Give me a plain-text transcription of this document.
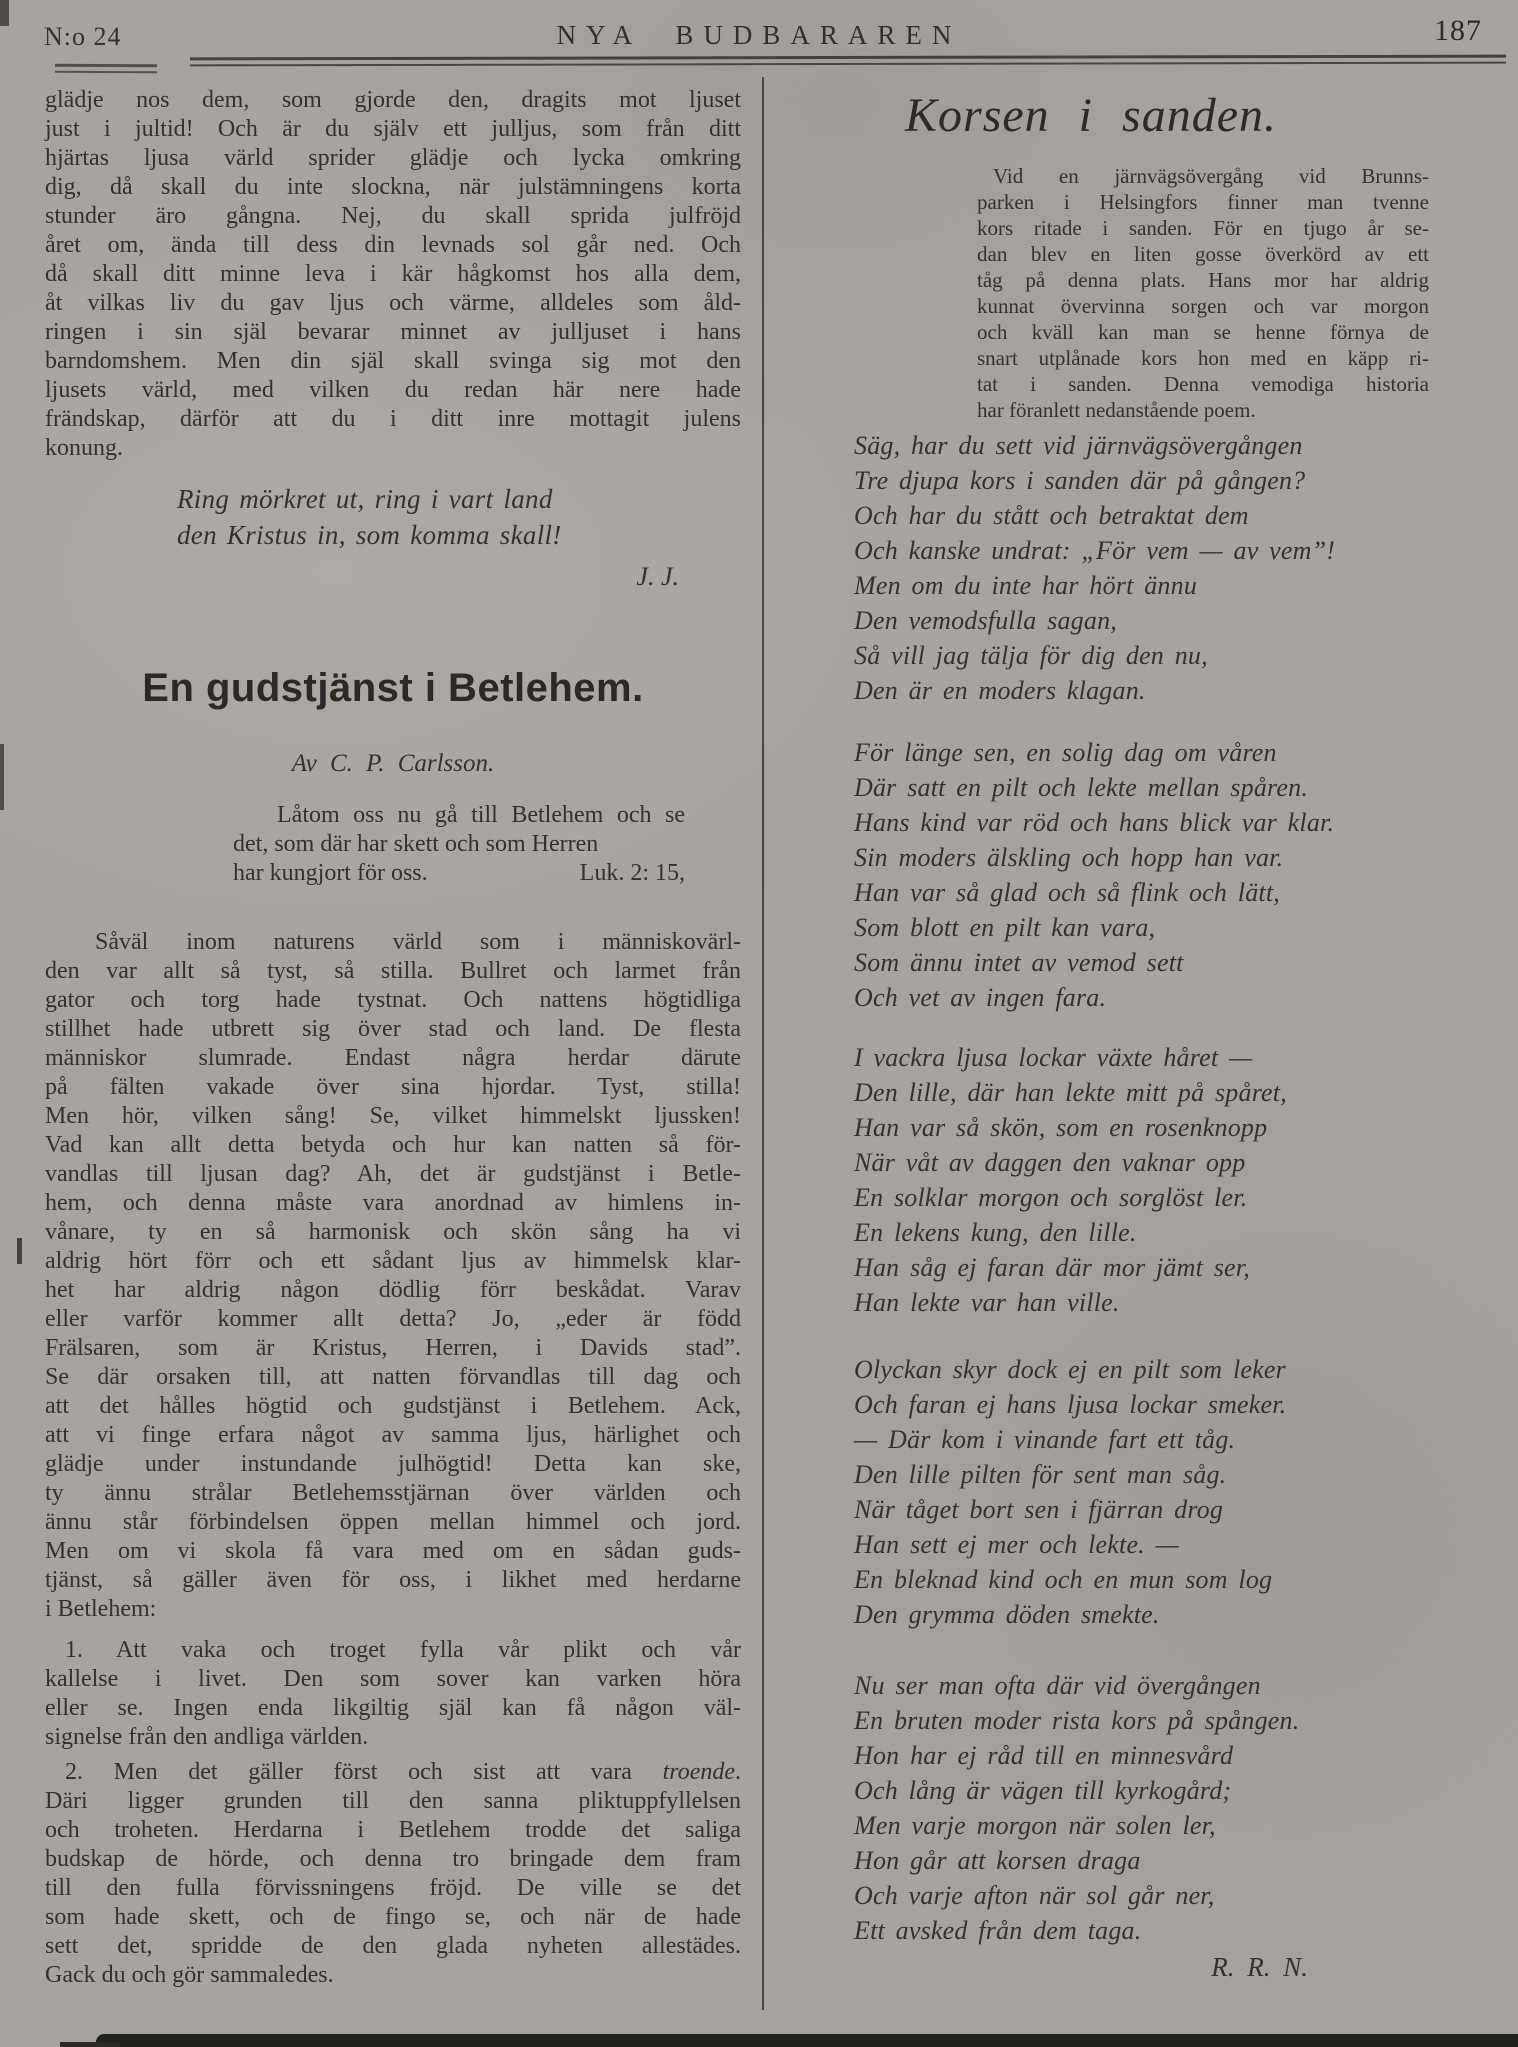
N:o 24	NYA BUDBARAREN	187
glädje nos dem, som gjorde den, dragits mot ljuset
just i jultid! Och är du själv ett julljus, som från ditt
hjärtas ljusa värld sprider glädje och lycka omkring
dig, då skall du inte slockna, när julstämningens korta
stunder äro gångna. Nej, du skall sprida julfröjd
året om, ända till dess din levnads sol går ned. Och
då skall ditt minne leva i kär hågkomst hos alla dem,
åt vilkas liv du gav ljus och värme, alldeles som åld-
ringen i sin själ bevarar minnet av julljuset i hans
barndomshem. Men din själ skall svinga sig mot den
ljusets värld, med vilken du redan här nere hade
frändskap, därför att du i ditt inre mottagit julens
konung.
Ring mörkret ut, ring i vart land
den Kristus in, som komma skall!
J. J.
En gudstjänst i Betlehem.
Av C. P. Carlsson.
Låtom oss nu gå till Betlehem och se
det, som där har skett och som Herren
har kungjort för oss.	Luk. 2: 15,
Såväl inom naturens värld som i människovärl-
den var allt så tyst, så stilla. Bullret och larmet från
gator och torg hade tystnat. Och nattens högtidliga
stillhet hade utbrett sig över stad och land. De flesta
människor slumrade. Endast några herdar därute
på fälten vakade över sina hjordar. Tyst, stilla!
Men hör, vilken sång! Se, vilket himmelskt ljussken!
Vad kan allt detta betyda och hur kan natten så för-
vandlas till ljusan dag? Ah, det är gudstjänst i Betle-
hem, och denna måste vara anordnad av himlens in-
vånare, ty en så harmonisk och skön sång ha vi
aldrig hört förr och ett sådant ljus av himmelsk klar-
het har aldrig någon dödlig förr beskådat. Varav
eller varför kommer allt detta? Jo, „eder är född
Frälsaren, som är Kristus, Herren, i Davids stad”.
Se där orsaken till, att natten förvandlas till dag och
att det hålles högtid och gudstjänst i Betlehem. Ack,
att vi finge erfara något av samma ljus, härlighet och
glädje under instundande julhögtid! Detta kan ske,
ty ännu strålar Betlehemsstjärnan över världen och
ännu står förbindelsen öppen mellan himmel och jord.
Men om vi skola få vara med om en sådan guds-
tjänst, så gäller även för oss, i likhet med herdarne
i Betlehem:
1. Att vaka och troget fylla vår plikt och vår
kallelse i livet. Den som sover kan varken höra
eller se. Ingen enda likgiltig själ kan få någon väl-
signelse från den andliga världen.
2. Men det gäller först och sist att vara troende.
Däri ligger grunden till den sanna pliktuppfyllelsen
och troheten. Herdarna i Betlehem trodde det saliga
budskap de hörde, och denna tro bringade dem fram
till den fulla förvissningens fröjd. De ville se det
som hade skett, och de fingo se, och när de hade
sett det, spridde de den glada nyheten allestädes.
Gack du och gör sammaledes.
Korsen i sanden.
Vid en järnvägsövergång vid Brunns-
parken i Helsingfors finner man tvenne
kors ritade i sanden. För en tjugo år se-
dan blev en liten gosse överkörd av ett
tåg på denna plats. Hans mor har aldrig
kunnat övervinna sorgen och var morgon
och kväll kan man se henne förnya de
snart utplånade kors hon med en käpp ri-
tat i sanden. Denna vemodiga historia
har föranlett nedanstående poem.
Säg, har du sett vid järnvägsövergången
Tre djupa kors i sanden där på gången?
Och har du stått och betraktat dem
Och kanske undrat: „För vem — av vem”!
Men om du inte har hört ännu
Den vemodsfulla sagan,
Så vill jag tälja för dig den nu,
Den är en moders klagan.
För länge sen, en solig dag om våren
Där satt en pilt och lekte mellan spåren.
Hans kind var röd och hans blick var klar.
Sin moders älskling och hopp han var.
Han var så glad och så flink och lätt,
Som blott en pilt kan vara,
Som ännu intet av vemod sett
Och vet av ingen fara.
I vackra ljusa lockar växte håret —
Den lille, där han lekte mitt på spåret,
Han var så skön, som en rosenknopp
När våt av daggen den vaknar opp
En solklar morgon och sorglöst ler.
En lekens kung, den lille.
Han såg ej faran där mor jämt ser,
Han lekte var han ville.
Olyckan skyr dock ej en pilt som leker
Och faran ej hans ljusa lockar smeker.
— Där kom i vinande fart ett tåg.
Den lille pilten för sent man såg.
När tåget bort sen i fjärran drog
Han sett ej mer och lekte. —
En bleknad kind och en mun som log
Den grymma döden smekte.
Nu ser man ofta där vid övergången
En bruten moder rista kors på spången.
Hon har ej råd till en minnesvård
Och lång är vägen till kyrkogård;
Men varje morgon när solen ler,
Hon går att korsen draga
Och varje afton när sol går ner,
Ett avsked från dem taga.
R. R. N.
